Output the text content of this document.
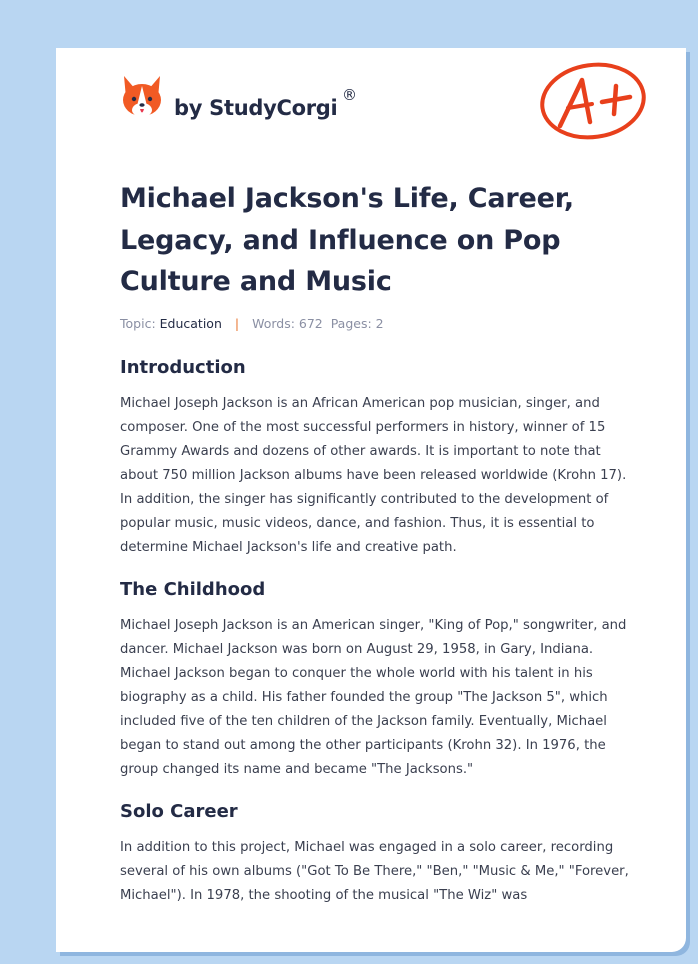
by StudyCorgi
®
A+
Michael Jackson's Life, Career, Legacy, and Influence on Pop Culture and Music
Topic: Education | Words: 672 Pages: 2
Introduction

Michael Joseph Jackson is an African American pop musician, singer, and composer. One of the most successful performers in history, winner of 15 Grammy Awards and dozens of other awards. It is important to note that about 750 million Jackson albums have been released worldwide (Krohn 17). In addition, the singer has significantly contributed to the development of popular music, music videos, dance, and fashion. Thus, it is essential to determine Michael Jackson's life and creative path.

The Childhood

Michael Joseph Jackson is an American singer, "King of Pop," songwriter, and dancer. Michael Jackson was born on August 29, 1958, in Gary, Indiana. Michael Jackson began to conquer the whole world with his talent in his biography as a child. His father founded the group "The Jackson 5", which included five of the ten children of the Jackson family. Eventually, Michael began to stand out among the other participants (Krohn 32). In 1976, the group changed its name and became "The Jacksons."

Solo Career

In addition to this project, Michael was engaged in a solo career, recording several of his own albums ("Got To Be There," "Ben," "Music & Me," "Forever, Michael"). In 1978, the shooting of the musical "The Wiz" was
